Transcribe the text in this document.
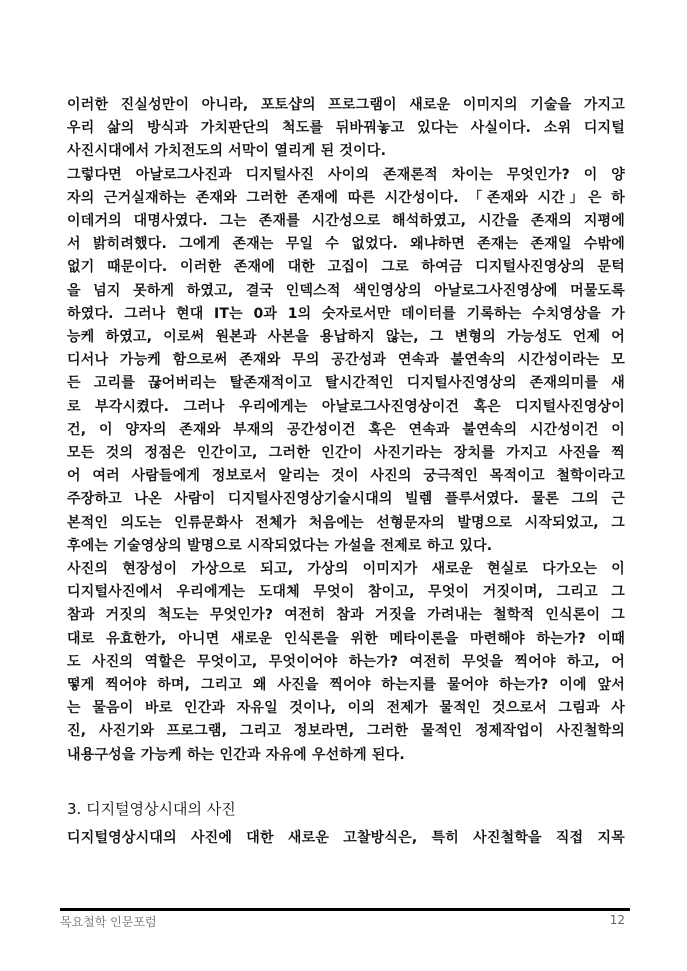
이러한 진실성만이 아니라, 포토샵의 프로그램이 새로운 이미지의 기술을 가지고
우리 삶의 방식과 가치판단의 척도를 뒤바꿔놓고 있다는 사실이다. 소위 디지털
사진시대에서 가치전도의 서막이 열리게 된 것이다.
그렇다면 아날로그사진과 디지털사진 사이의 존재론적 차이는 무엇인가? 이 양
자의 근거실재하는 존재와 그러한 존재에 따른 시간성이다. 「존재와 시간」은 하
이데거의 대명사였다. 그는 존재를 시간성으로 해석하였고, 시간을 존재의 지평에
서 밝히려했다. 그에게 존재는 무일 수 없었다. 왜냐하면 존재는 존재일 수밖에
없기 때문이다. 이러한 존재에 대한 고집이 그로 하여금 디지털사진영상의 문턱
을 넘지 못하게 하였고, 결국 인덱스적 색인영상의 아날로그사진영상에 머물도록
하였다. 그러나 현대 IT는 0과 1의 숫자로서만 데이터를 기록하는 수치영상을 가
능케 하였고, 이로써 원본과 사본을 용납하지 않는, 그 변형의 가능성도 언제 어
디서나 가능케 함으로써 존재와 무의 공간성과 연속과 불연속의 시간성이라는 모
든 고리를 끊어버리는 탈존재적이고 탈시간적인 디지털사진영상의 존재의미를 새
로 부각시켰다. 그러나 우리에게는 아날로그사진영상이건 혹은 디지털사진영상이
건, 이 양자의 존재와 부재의 공간성이건 혹은 연속과 불연속의 시간성이건 이
모든 것의 정점은 인간이고, 그러한 인간이 사진기라는 장치를 가지고 사진을 찍
어 여러 사람들에게 정보로서 알리는 것이 사진의 궁극적인 목적이고 철학이라고
주장하고 나온 사람이 디지털사진영상기술시대의 빌렘 플루서였다. 물론 그의 근
본적인 의도는 인류문화사 전체가 처음에는 선형문자의 발명으로 시작되었고, 그
후에는 기술영상의 발명으로 시작되었다는 가설을 전제로 하고 있다.
사진의 현장성이 가상으로 되고, 가상의 이미지가 새로운 현실로 다가오는 이
디지털사진에서 우리에게는 도대체 무엇이 참이고, 무엇이 거짓이며, 그리고 그
참과 거짓의 척도는 무엇인가? 여전히 참과 거짓을 가려내는 철학적 인식론이 그
대로 유효한가, 아니면 새로운 인식론을 위한 메타이론을 마련해야 하는가? 이때
도 사진의 역할은 무엇이고, 무엇이어야 하는가? 여전히 무엇을 찍어야 하고, 어
떻게 찍어야 하며, 그리고 왜 사진을 찍어야 하는지를 물어야 하는가? 이에 앞서
는 물음이 바로 인간과 자유일 것이나, 이의 전제가 물적인 것으로서 그림과 사
진, 사진기와 프로그램, 그리고 정보라면, 그러한 물적인 정제작업이 사진철학의
내용구성을 가능케 하는 인간과 자유에 우선하게 된다.
3. 디지털영상시대의 사진
디지털영상시대의 사진에 대한 새로운 고찰방식은, 특히 사진철학을 직접 지목
목요철학 인문포럼	12
